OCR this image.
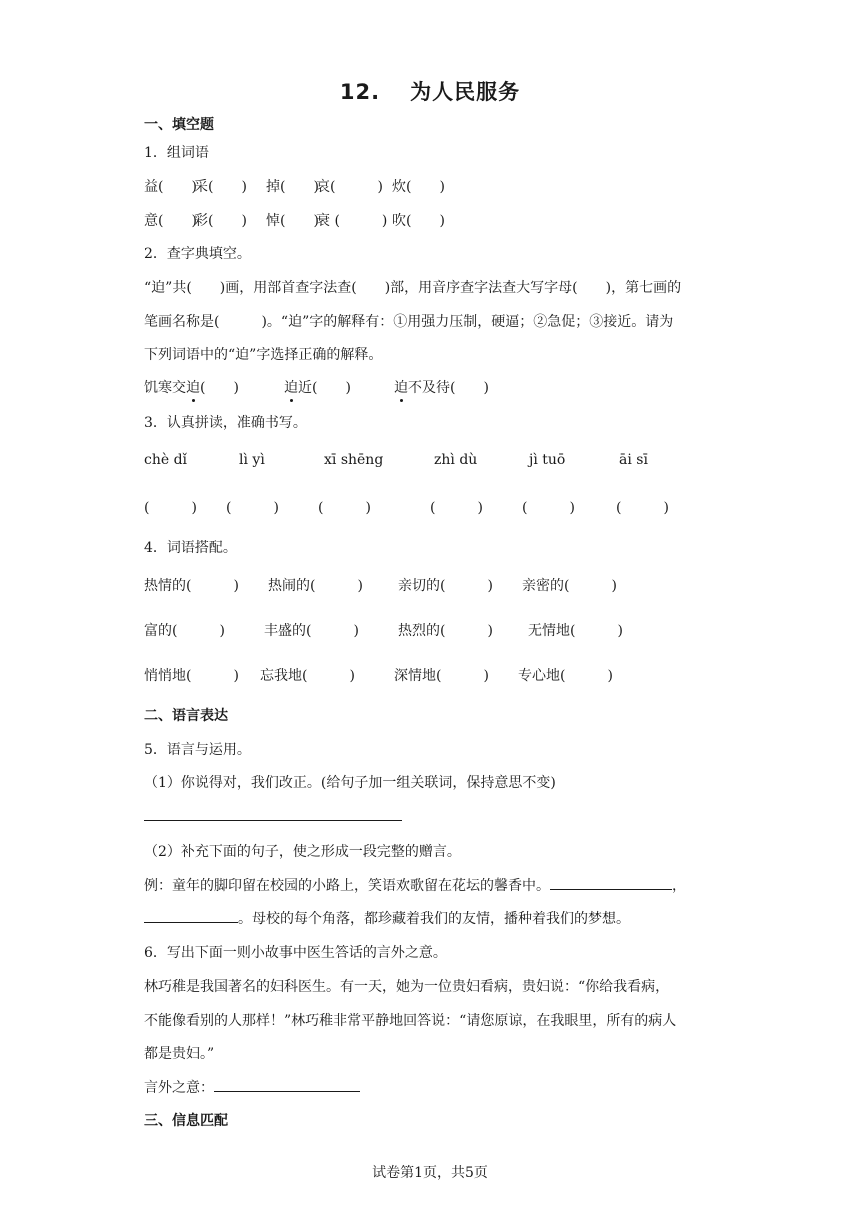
12. 为人民服务
一、填空题
1．组词语
益(　　)采(　　) 掉(　　)哀(　　　) 炊(　　)
意(　　)彩(　　) 悼(　　)衰 (　　　) 吹(　　)
2．查字典填空。
“迫”共(　　)画，用部首查字法查(　　)部，用音序查字法查大写字母(　　)，第七画的
笔画名称是(　　　)。“迫”字的解释有：①用强力压制，硬逼；②急促；③接近。请为
下列词语中的“迫”字选择正确的解释。
饥寒交迫(　　)	迫近(　　)	迫不及待(　　)
3．认真拼读，准确书写。
chè dǐ	lì yì	xī shēng	zhì dù	jì tuō	āi sī
(　　　) (　　　)	(　　　)	(　　　)	(　　　)	(　　　)
4．词语搭配。
热情的(　　　) 热闹的(　　　)	亲切的(　　　) 亲密的(　　　)
富的(　　　)	丰盛的(　　　)	热烈的(　　　)	无情地(　　　)
悄悄地(　　　) 忘我地(　　　)	深情地(　　　) 专心地(　　　)
二、语言表达
5．语言与运用。
（1）你说得对，我们改正。(给句子加一组关联词，保持意思不变)
（2）补充下面的句子，使之形成一段完整的赠言。
例：童年的脚印留在校园的小路上，笑语欢歌留在花坛的馨香中。	，
。母校的每个角落，都珍藏着我们的友情，播种着我们的梦想。
6．写出下面一则小故事中医生答话的言外之意。
林巧稚是我国著名的妇科医生。有一天，她为一位贵妇看病，贵妇说：“你给我看病，
不能像看别的人那样！”林巧稚非常平静地回答说：“请您原谅，在我眼里，所有的病人
都是贵妇。”
言外之意：
三、信息匹配
试卷第1页，共5页
